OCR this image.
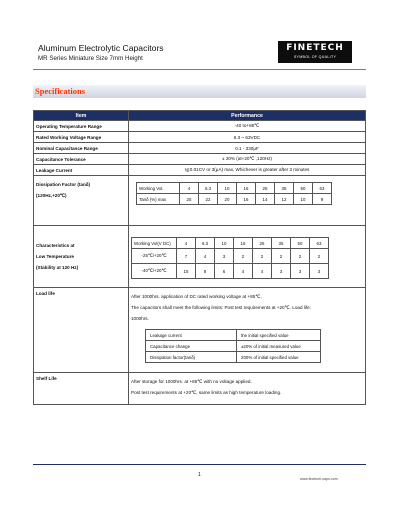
Aluminum Electrolytic Capacitors
MR Series Miniature Size 7mm Height
FINETECH
SYMBOL OF QUALITY
Specifications
Item	Performance
Operating Temperature Range	-40 to+85℃
Rated Working Voltage Range	6.3 ~ 63VDC
Nominal Capacitance Range	0.1 - 330μF
Capacitance Tolerance	± 20% (at+20℃ ,120Hz)
Leakage Current	I≦0.01CV or 3(μA) max, Whichever is greater after 3 minutes

Dissipation Factor (tanδ)
(120Hz,+20℃)

Working Vol.	4	6.3	10	16	25	35	50	63
Tanδ (%) max	25	22	20	16	14	12	10	9

Characteristics at
Low Temperature
(Stability at 120 Hz)

Working Vol(V DC)	4	6.3	10	16	25	35	50	63
-25℃/+20℃	7	4	3	2	2	2	2	2
-40℃/+20℃	15	8	6	4	4	3	3	3

Load life	
After 1000hrs. application of DC rated working voltage at +85℃,
The capacitors shall meet the following limits: Post test requirements at +20℃. Load life:
1000hrs.
Leakage current	the initial specified value
Capacitance change	±20% of initial measured value
Dissipation factor(tanδ)	200% of initial specified value

Shelf Life	
After storage for 1000hrs. at +85℃ with no voltage applied.
Post test requirements at +20℃, same limits as high temperature loading.
1
www.finetech-caps.com
